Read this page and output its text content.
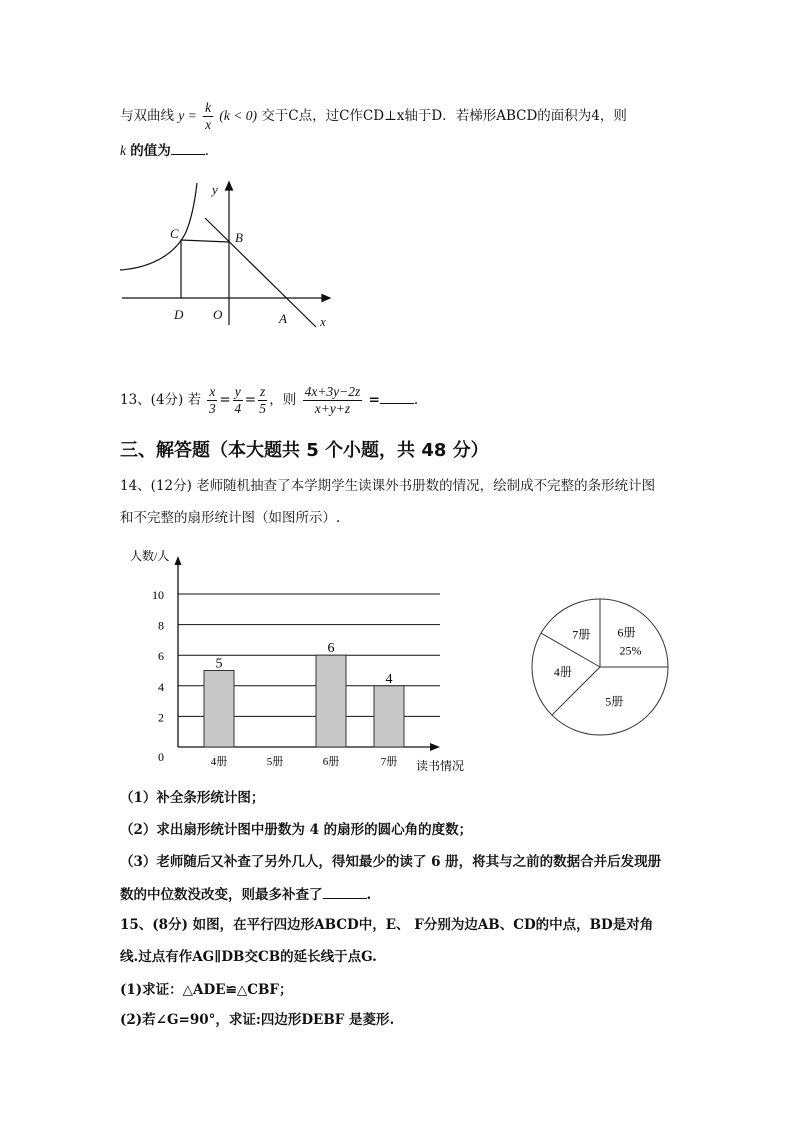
与双曲线 $y = \frac{k}{x} (k < 0)$ 交于C点，过C作CD⊥x轴于D．若梯形ABCD的面积为4，则
k 的值为	.
y
C	B
D O	A	x
13、(4分) 若 $\frac{x}{3} = \frac{y}{4} = \frac{z}{5}$ ，则 $\frac{4x+3y-2z}{x+y+z}$ =	.
三、解答题（本大题共 5 个小题，共 48 分）
14、(12分) 老师随机抽查了本学期学生读课外书册数的情况，绘制成不完整的条形统计图
和不完整的扇形统计图（如图所示）.
0
2
4
6
8
10
人数/人
读书情况
4册
5
5册	6册
6
7册
4
6册
25%
5册
4册
7册
（1）补全条形统计图；
（2）求出扇形统计图中册数为 4 的扇形的圆心角的度数；
（3）老师随后又补查了另外几人，得知最少的读了 6 册，将其与之前的数据合并后发现册
数的中位数没改变，则最多补查了	.
15、(8分) 如图，在平行四边形ABCD中，E、 F分别为边AB、CD的中点，BD是对角
线.过点有作AG∥DB交CB的延长线于点G.
(1)求证：△ADE≌△CBF；
(2)若∠G=90°，求证:四边形DEBF 是菱形.
